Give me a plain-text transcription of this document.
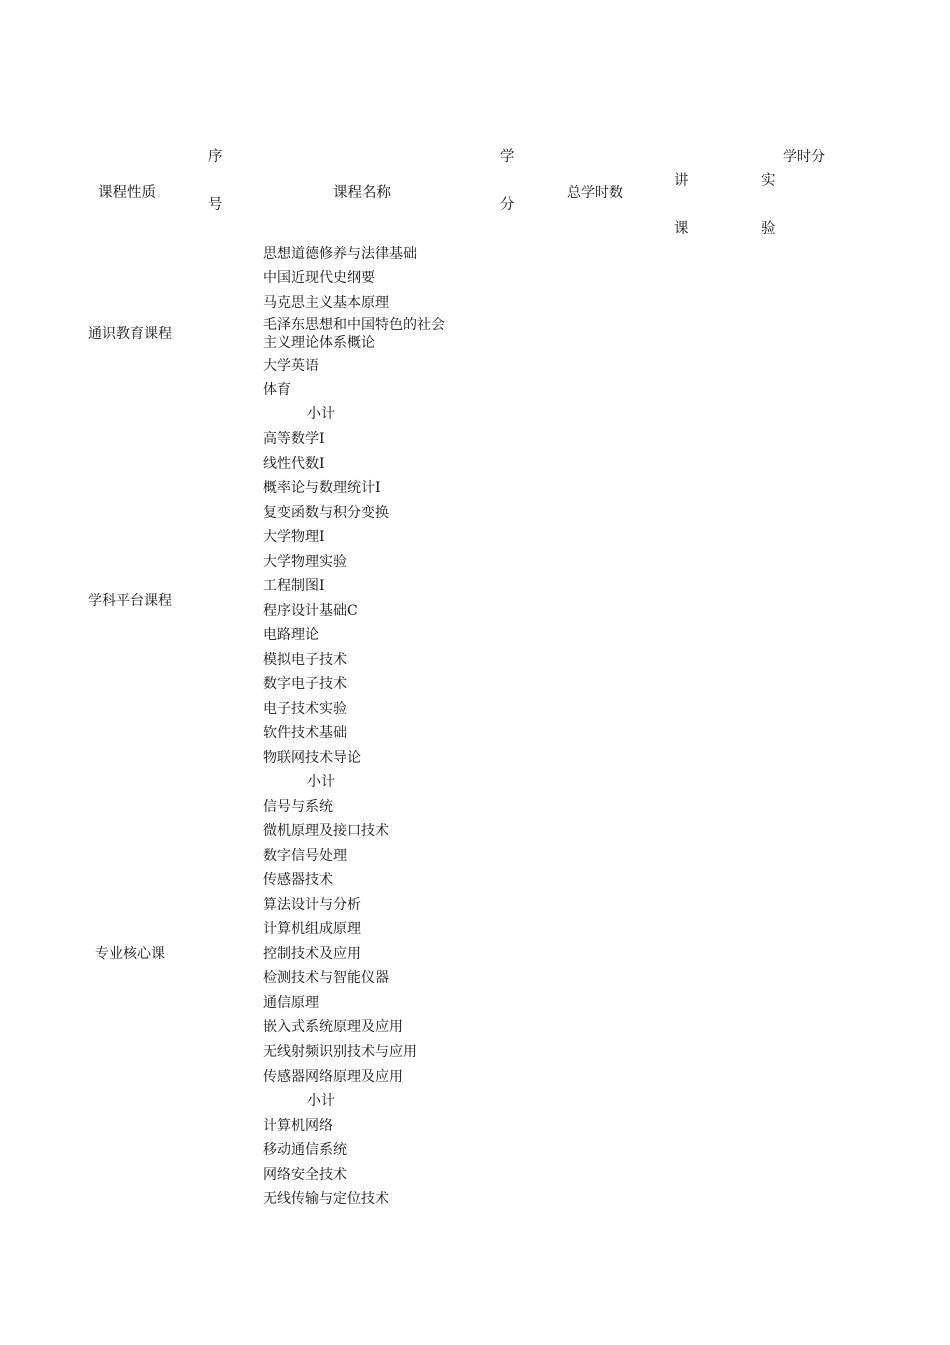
课程性质
序
号
课程名称
学
分
总学时数
学时分
讲
课
实
验
通识教育课程
学科平台课程
专业核心课
思想道德修养与法律基础
中国近现代史纲要
马克思主义基本原理
毛泽东思想和中国特色的社会
主义理论体系概论
大学英语
体育
小计
高等数学Ⅰ
线性代数Ⅰ
概率论与数理统计Ⅰ
复变函数与积分变换
大学物理Ⅰ
大学物理实验
工程制图Ⅰ
程序设计基础C
电路理论
模拟电子技术
数字电子技术
电子技术实验
软件技术基础
物联网技术导论
小计
信号与系统
微机原理及接口技术
数字信号处理
传感器技术
算法设计与分析
计算机组成原理
控制技术及应用
检测技术与智能仪器
通信原理
嵌入式系统原理及应用
无线射频识别技术与应用
传感器网络原理及应用
小计
计算机网络
移动通信系统
网络安全技术
无线传输与定位技术
